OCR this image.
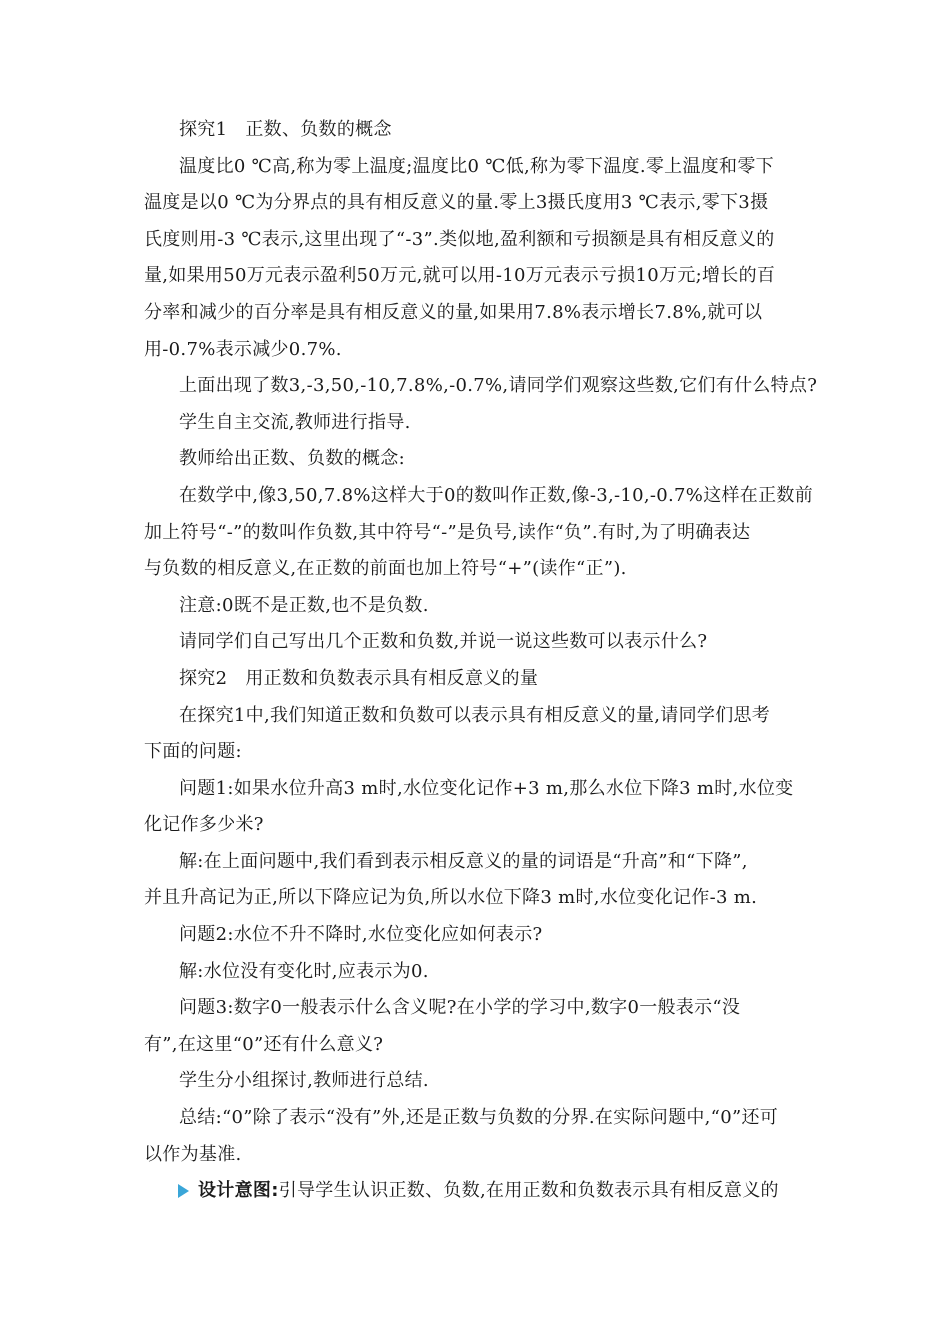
探究1 正数、负数的概念
温度比0 ℃高,称为零上温度;温度比0 ℃低,称为零下温度.零上温度和零下
温度是以0 ℃为分界点的具有相反意义的量.零上3摄氏度用3 ℃表示,零下3摄
氏度则用-3 ℃表示,这里出现了“-3”.类似地,盈利额和亏损额是具有相反意义的
量,如果用50万元表示盈利50万元,就可以用-10万元表示亏损10万元;增长的百
分率和减少的百分率是具有相反意义的量,如果用7.8%表示增长7.8%,就可以
用-0.7%表示减少0.7%.
上面出现了数3,-3,50,-10,7.8%,-0.7%,请同学们观察这些数,它们有什么特点?
学生自主交流,教师进行指导.
教师给出正数、负数的概念:
在数学中,像3,50,7.8%这样大于0的数叫作正数,像-3,-10,-0.7%这样在正数前
加上符号“-”的数叫作负数,其中符号“-”是负号,读作“负”.有时,为了明确表达
与负数的相反意义,在正数的前面也加上符号“+”(读作“正”).
注意:0既不是正数,也不是负数.
请同学们自己写出几个正数和负数,并说一说这些数可以表示什么?
探究2 用正数和负数表示具有相反意义的量
在探究1中,我们知道正数和负数可以表示具有相反意义的量,请同学们思考
下面的问题:
问题1:如果水位升高3 m时,水位变化记作+3 m,那么水位下降3 m时,水位变
化记作多少米?
解:在上面问题中,我们看到表示相反意义的量的词语是“升高”和“下降”,
并且升高记为正,所以下降应记为负,所以水位下降3 m时,水位变化记作-3 m.
问题2:水位不升不降时,水位变化应如何表示?
解:水位没有变化时,应表示为0.
问题3:数字0一般表示什么含义呢?在小学的学习中,数字0一般表示“没
有”,在这里“0”还有什么意义?
学生分小组探讨,教师进行总结.
总结:“0”除了表示“没有”外,还是正数与负数的分界.在实际问题中,“0”还可
以作为基准.
设计意图:引导学生认识正数、负数,在用正数和负数表示具有相反意义的
